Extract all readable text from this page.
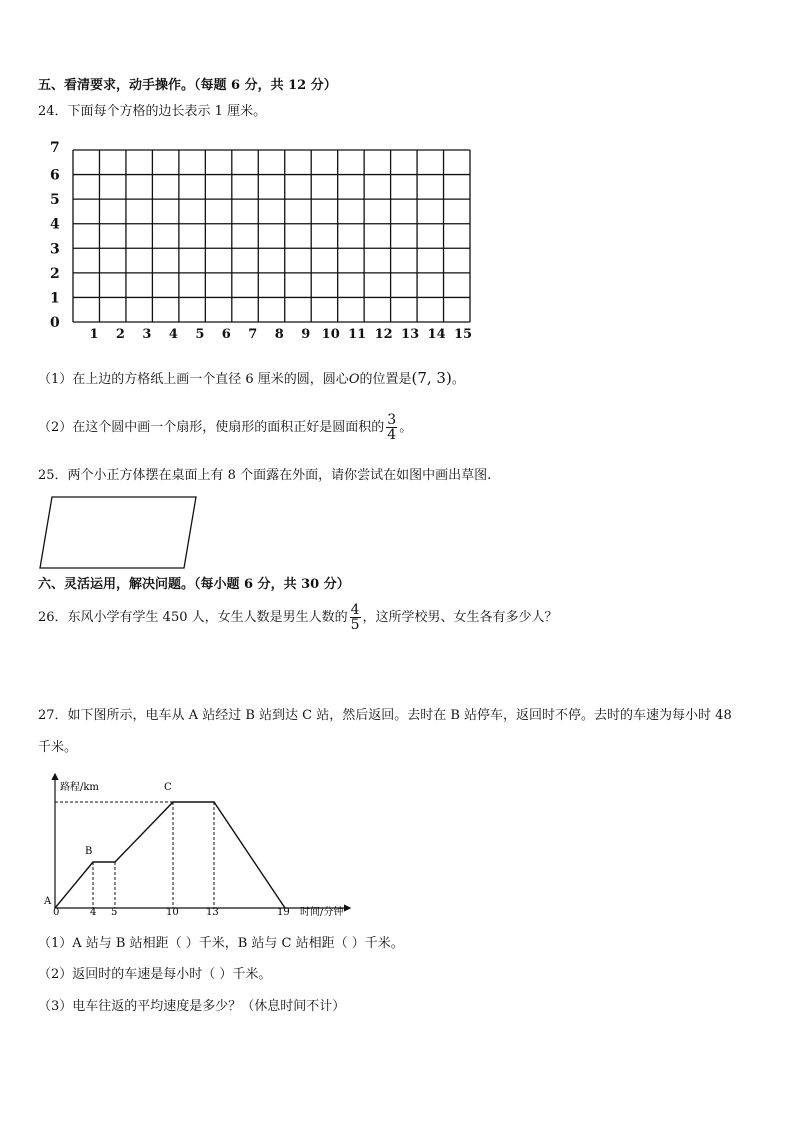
五、看清要求，动手操作。（每题 6 分，共 12 分）
24．下面每个方格的边长表示 1 厘米。
7
6
5
4
3
2
1
0
1 2 3 4 5 6 7 8 9 10 11 12 13 14 15
（1）在上边的方格纸上画一个直径 6 厘米的圆，圆心O的位置是(7, 3)。
（2）在这个圆中画一个扇形，使扇形的面积正好是圆面积的 $\frac{3}{4}$ 。
25．两个小正方体摆在桌面上有 8 个面露在外面，请你尝试在如图中画出草图.
六、灵活运用，解决问题。（每小题 6 分，共 30 分）
26．东风小学有学生 450 人，女生人数是男生人数的 $\frac{4}{5}$ ，这所学校男、女生各有多少人？
27．如下图所示，电车从 A 站经过 B 站到达 C 站，然后返回。去时在 B 站停车，返回时不停。去时的车速为每小时 48
千米。
路程/km
时间/分钟
A
B
C
0	4 5	10	13	19
（1）A 站与 B 站相距（ ）千米，B 站与 C 站相距（ ）千米。
（2）返回时的车速是每小时（ ）千米。
（3）电车往返的平均速度是多少？（休息时间不计）
